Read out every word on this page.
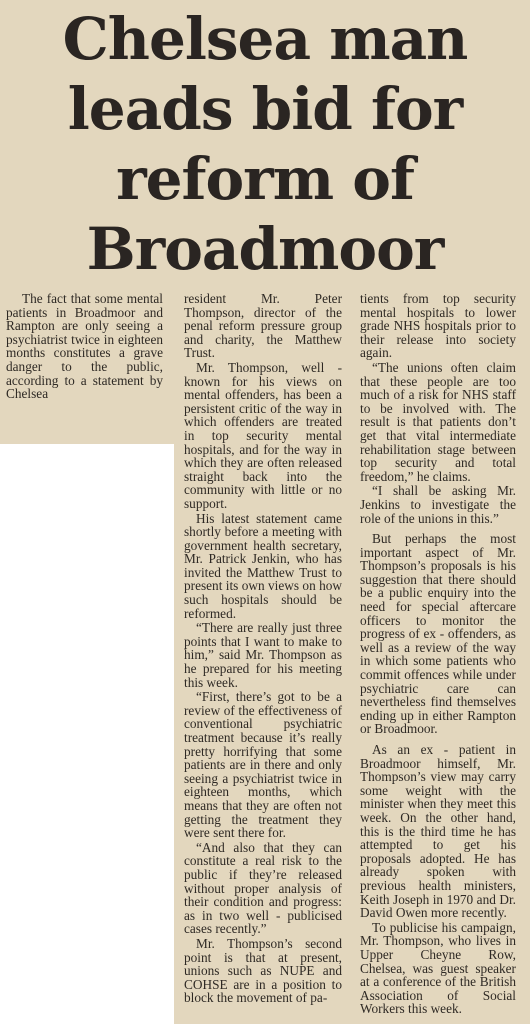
Chelsea man
leads bid for
reform of
Broadmoor

The fact that some mental patients in Broadmoor and Rampton are only seeing a psychiatrist twice in eighteen months constitutes a grave danger to the public, according to a statement by Chelsea

resident Mr. Peter Thompson, director of the penal reform pressure group and charity, the Matthew Trust.

Mr. Thompson, well - known for his views on mental offenders, has been a persistent critic of the way in which offenders are treated in top security mental hospitals, and for the way in which they are often released straight back into the community with little or no support.

His latest statement came shortly before a meeting with government health secretary, Mr. Patrick Jenkin, who has invited the Matthew Trust to present its own views on how such hospitals should be reformed.

“There are really just three points that I want to make to him,” said Mr. Thompson as he prepared for his meeting this week.

“First, there’s got to be a review of the effectiveness of conventional psychiatric treatment because it’s really pretty horrifying that some patients are in there and only seeing a psychiatrist twice in eighteen months, which means that they are often not getting the treatment they were sent there for.

“And also that they can constitute a real risk to the public if they’re released without proper analysis of their condition and progress: as in two well - publicised cases recently.”

Mr. Thompson’s second point is that at present, unions such as NUPE and COHSE are in a position to block the movement of pa-

tients from top security mental hospitals to lower grade NHS hospitals prior to their release into society again.

“The unions often claim that these people are too much of a risk for NHS staff to be involved with. The result is that patients don’t get that vital intermediate rehabilitation stage between top security and total freedom,” he claims.

“I shall be asking Mr. Jenkins to investigate the role of the unions in this.”

But perhaps the most important aspect of Mr. Thompson’s proposals is his suggestion that there should be a public enquiry into the need for special aftercare officers to monitor the progress of ex - offenders, as well as a review of the way in which some patients who commit offences while under psychiatric care can nevertheless find themselves ending up in either Rampton or Broadmoor.

As an ex - patient in Broadmoor himself, Mr. Thompson’s view may carry some weight with the minister when they meet this week. On the other hand, this is the third time he has attempted to get his proposals adopted. He has already spoken with previous health ministers, Keith Joseph in 1970 and Dr. David Owen more recently.

To publicise his campaign, Mr. Thompson, who lives in Upper Cheyne Row, Chelsea, was guest speaker at a conference of the British Association of Social Workers this week.
